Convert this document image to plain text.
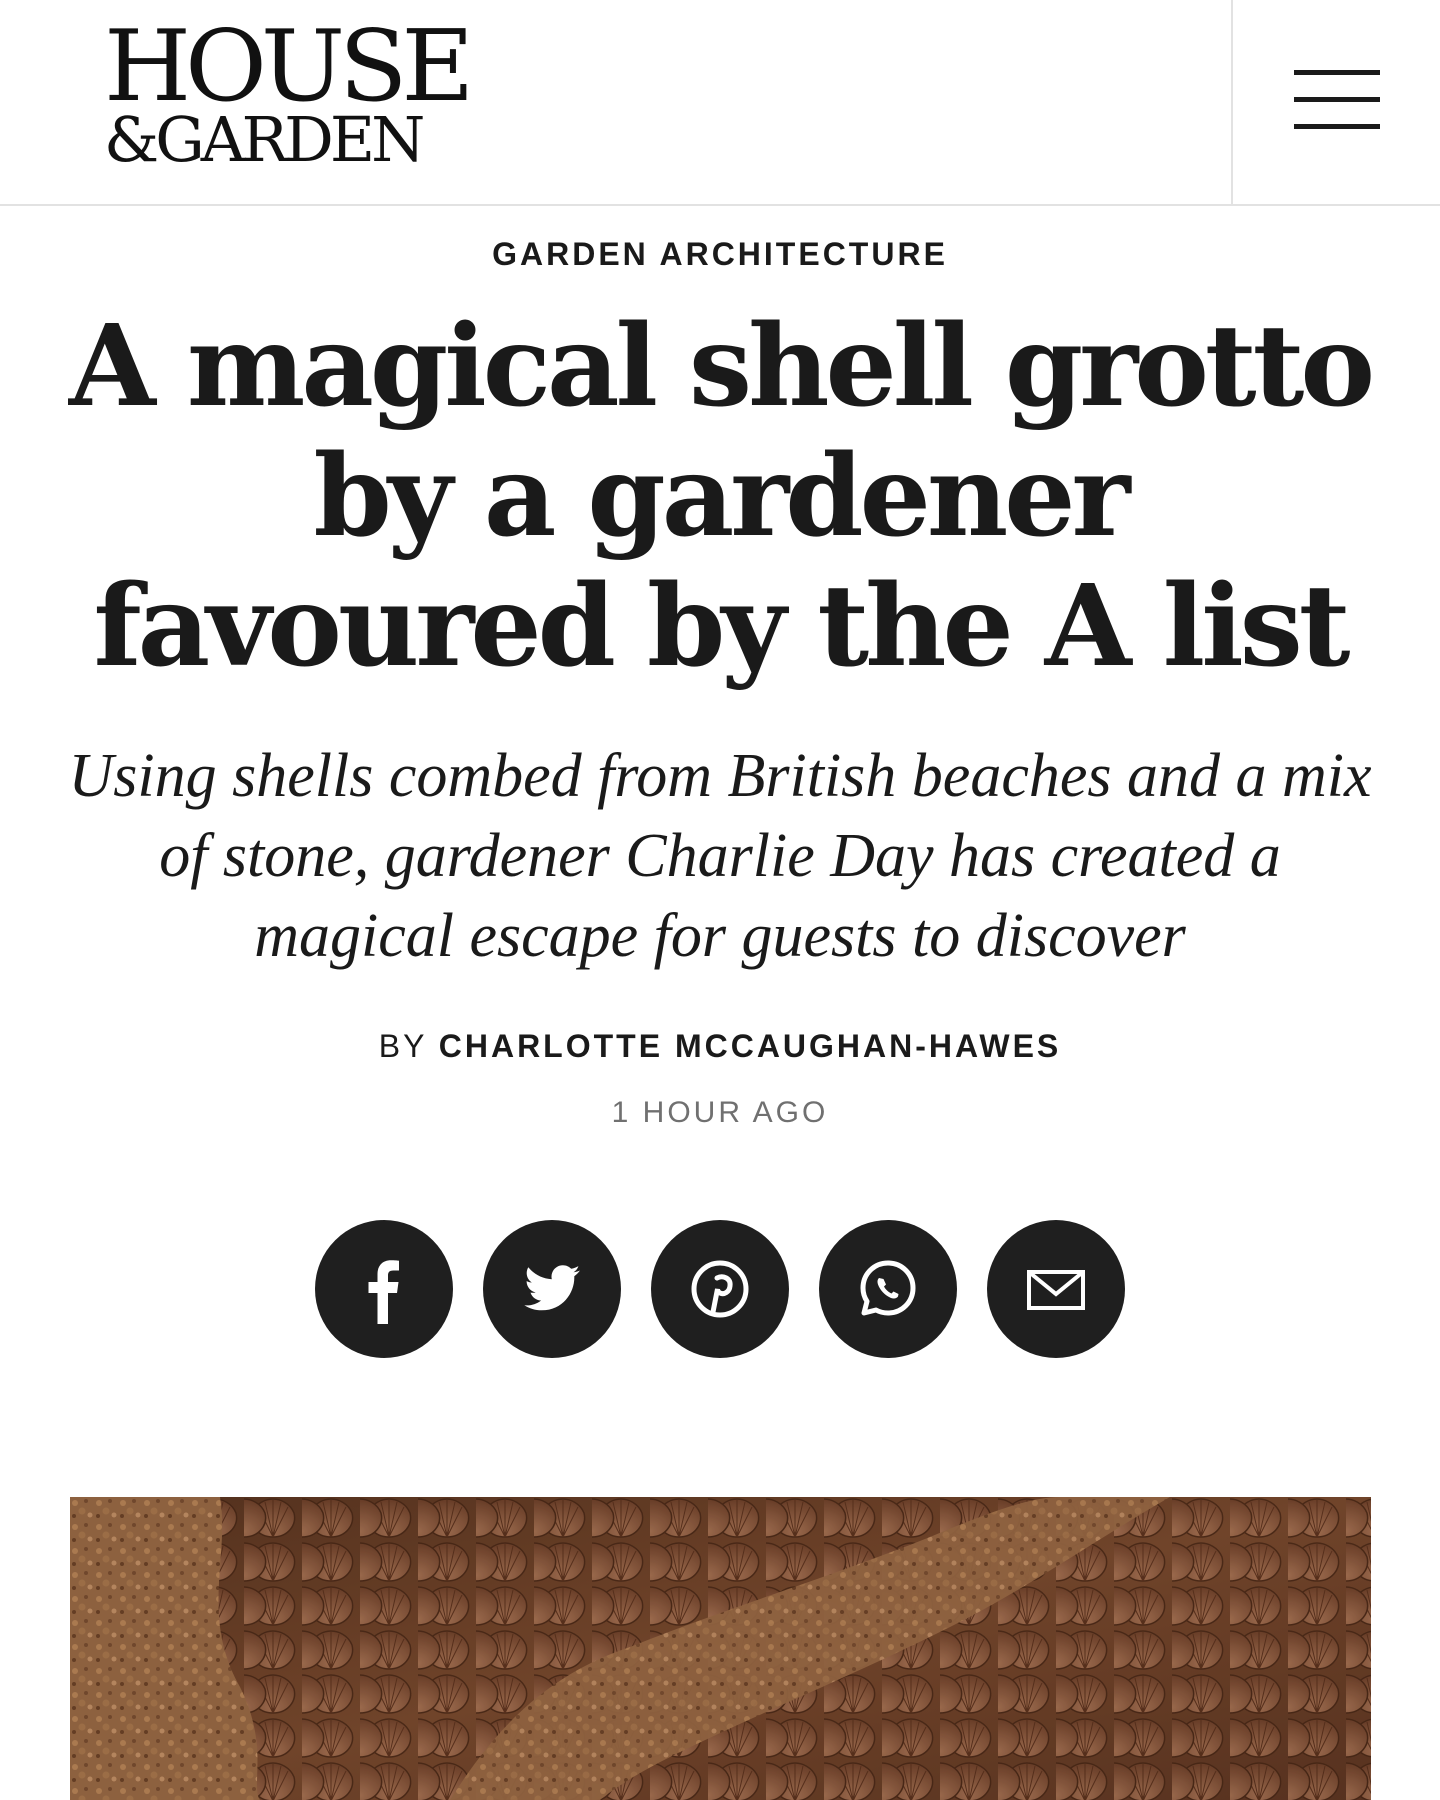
HOUSE
&GARDEN
GARDEN ARCHITECTURE
A magical shell grotto by a gardener favoured by the A list

Using shells combed from British beaches and a mix of stone, gardener Charlie Day has created a magical escape for guests to discover

BY CHARLOTTE MCCAUGHAN-HAWES
1 HOUR AGO
